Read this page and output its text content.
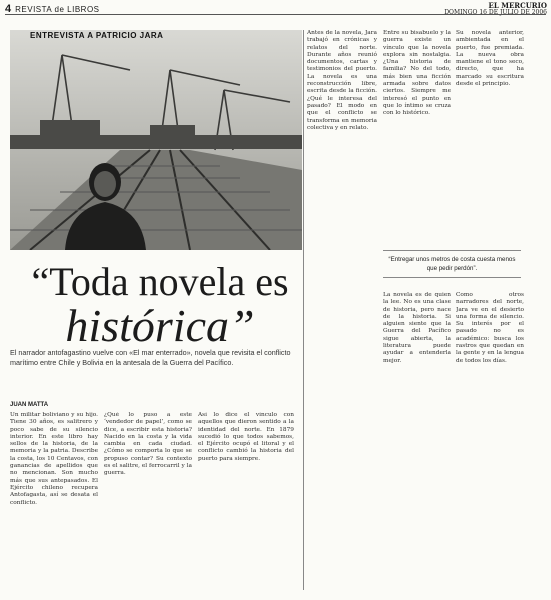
4 REVISTA de LIBROS	EL MERCURIO
DOMINGO 16 DE JULIO DE 2006
ENTREVISTA A PATRICIO JARA
“Toda novela es
histórica”
El narrador antofagastino vuelve con «El mar enterrado», novela que revisita el conflicto marítimo entre Chile y Bolivia en la antesala de la Guerra del Pacífico.
JUAN MATTA

Un militar boliviano y su hijo. Tiene 30 años, es salitrero y poco sabe de su silencio interior. En este libro hay sellos de la historia, de la memoria y la patria. Describe la costa, los 10 Centavos, con ganancias de apellidos que no mencionan. Son mucho más que sus antepasados. El Ejército chileno recupera Antofagasta, así se desata el conflicto.

¿Qué lo puso a este ‘vendedor de papel’, como se dice, a escribir esta historia? Nacido en la costa y la vida cambia en cada ciudad. ¿Cómo se comporta lo que se propuso contar? Su contexto es el salitre, el ferrocarril y la guerra.

Así lo dice el vínculo con aquellos que dieron sentido a la identidad del norte. En 1879 sucedió lo que todos sabemos, el Ejército ocupó el litoral y el conflicto cambió la historia del puerto para siempre.

Antes de la novela, Jara trabajó en crónicas y relatos del norte. Durante años reunió documentos, cartas y testimonios del puerto. La novela es una reconstrucción libre, escrita desde la ficción. ¿Qué le interesa del pasado? El modo en que el conflicto se transforma en memoria colectiva y en relato.

Entre su bisabuelo y la guerra existe un vínculo que la novela explora sin nostalgia. ¿Una historia de familia? No del todo, más bien una ficción armada sobre datos ciertos. Siempre me interesó el punto en que lo íntimo se cruza con lo histórico.

Su novela anterior, ambientada en el puerto, fue premiada. La nueva obra mantiene el tono seco, directo, que ha marcado su escritura desde el principio.

“Entregar unos metros de costa cuesta menos que pedir perdón”.

La novela es de quien la lee. No es una clase de historia, pero nace de la historia. Si alguien siente que la Guerra del Pacífico sigue abierta, la literatura puede ayudar a entenderla mejor.

Como otros narradores del norte, Jara ve en el desierto una forma de silencio. Su interés por el pasado no es académico: busca los rastros que quedan en la gente y en la lengua de todos los días.
